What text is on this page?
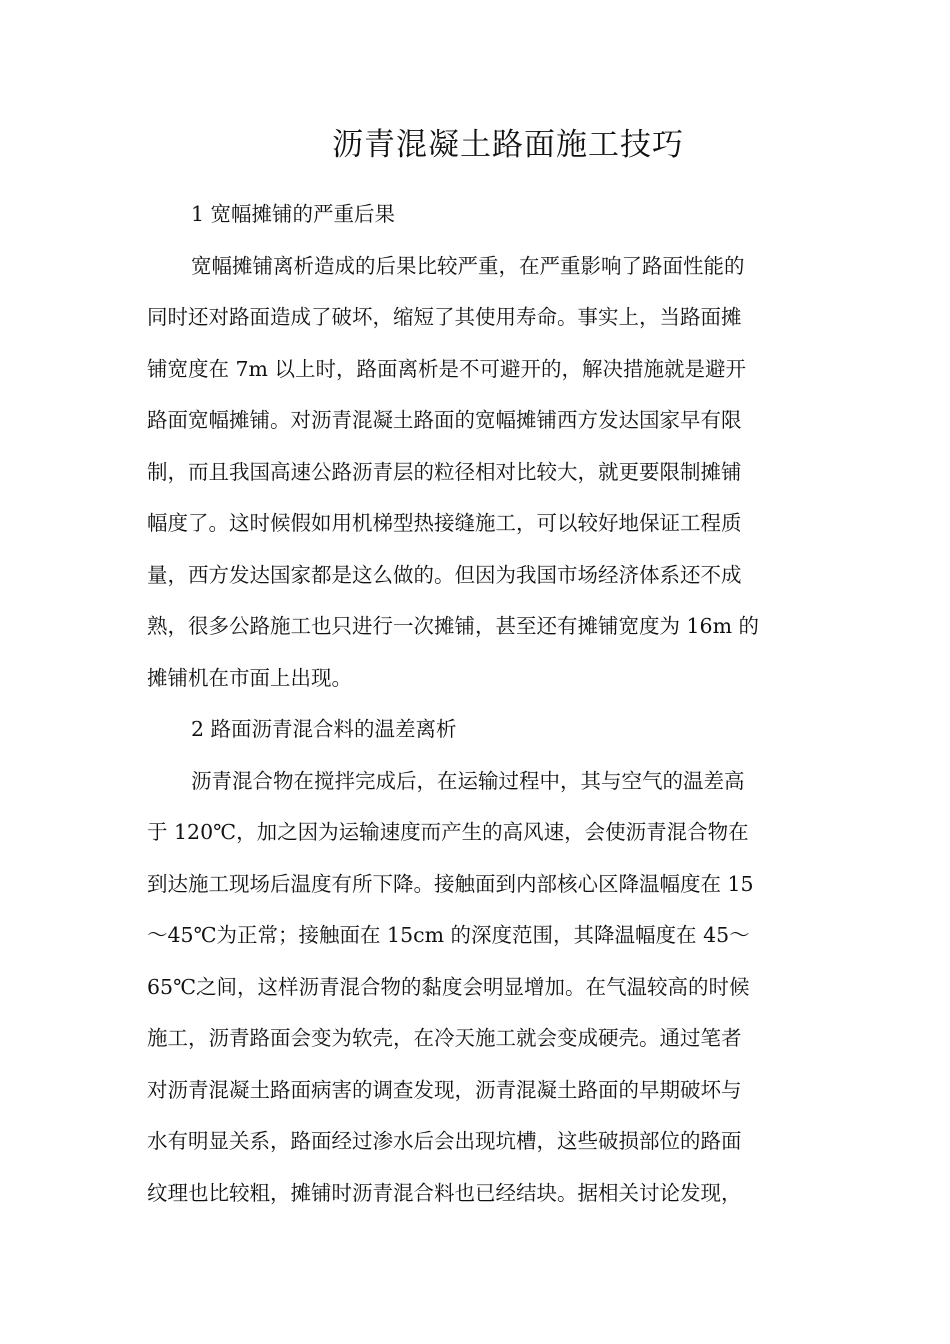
沥青混凝土路面施工技巧
1 宽幅摊铺的严重后果
宽幅摊铺离析造成的后果比较严重，在严重影响了路面性能的
同时还对路面造成了破坏，缩短了其使用寿命。事实上，当路面摊
铺宽度在 7m 以上时，路面离析是不可避开的，解决措施就是避开
路面宽幅摊铺。对沥青混凝土路面的宽幅摊铺西方发达国家早有限
制，而且我国高速公路沥青层的粒径相对比较大，就更要限制摊铺
幅度了。这时候假如用机梯型热接缝施工，可以较好地保证工程质
量，西方发达国家都是这么做的。但因为我国市场经济体系还不成
熟，很多公路施工也只进行一次摊铺，甚至还有摊铺宽度为 16m 的
摊铺机在市面上出现。
2 路面沥青混合料的温差离析
沥青混合物在搅拌完成后，在运输过程中，其与空气的温差高
于 120℃，加之因为运输速度而产生的高风速，会使沥青混合物在
到达施工现场后温度有所下降。接触面到内部核心区降温幅度在 15
～45℃为正常；接触面在 15cm 的深度范围，其降温幅度在 45～
65℃之间，这样沥青混合物的黏度会明显增加。在气温较高的时候
施工，沥青路面会变为软壳，在冷天施工就会变成硬壳。通过笔者
对沥青混凝土路面病害的调查发现，沥青混凝土路面的早期破坏与
水有明显关系，路面经过渗水后会出现坑槽，这些破损部位的路面
纹理也比较粗，摊铺时沥青混合料也已经结块。据相关讨论发现，
